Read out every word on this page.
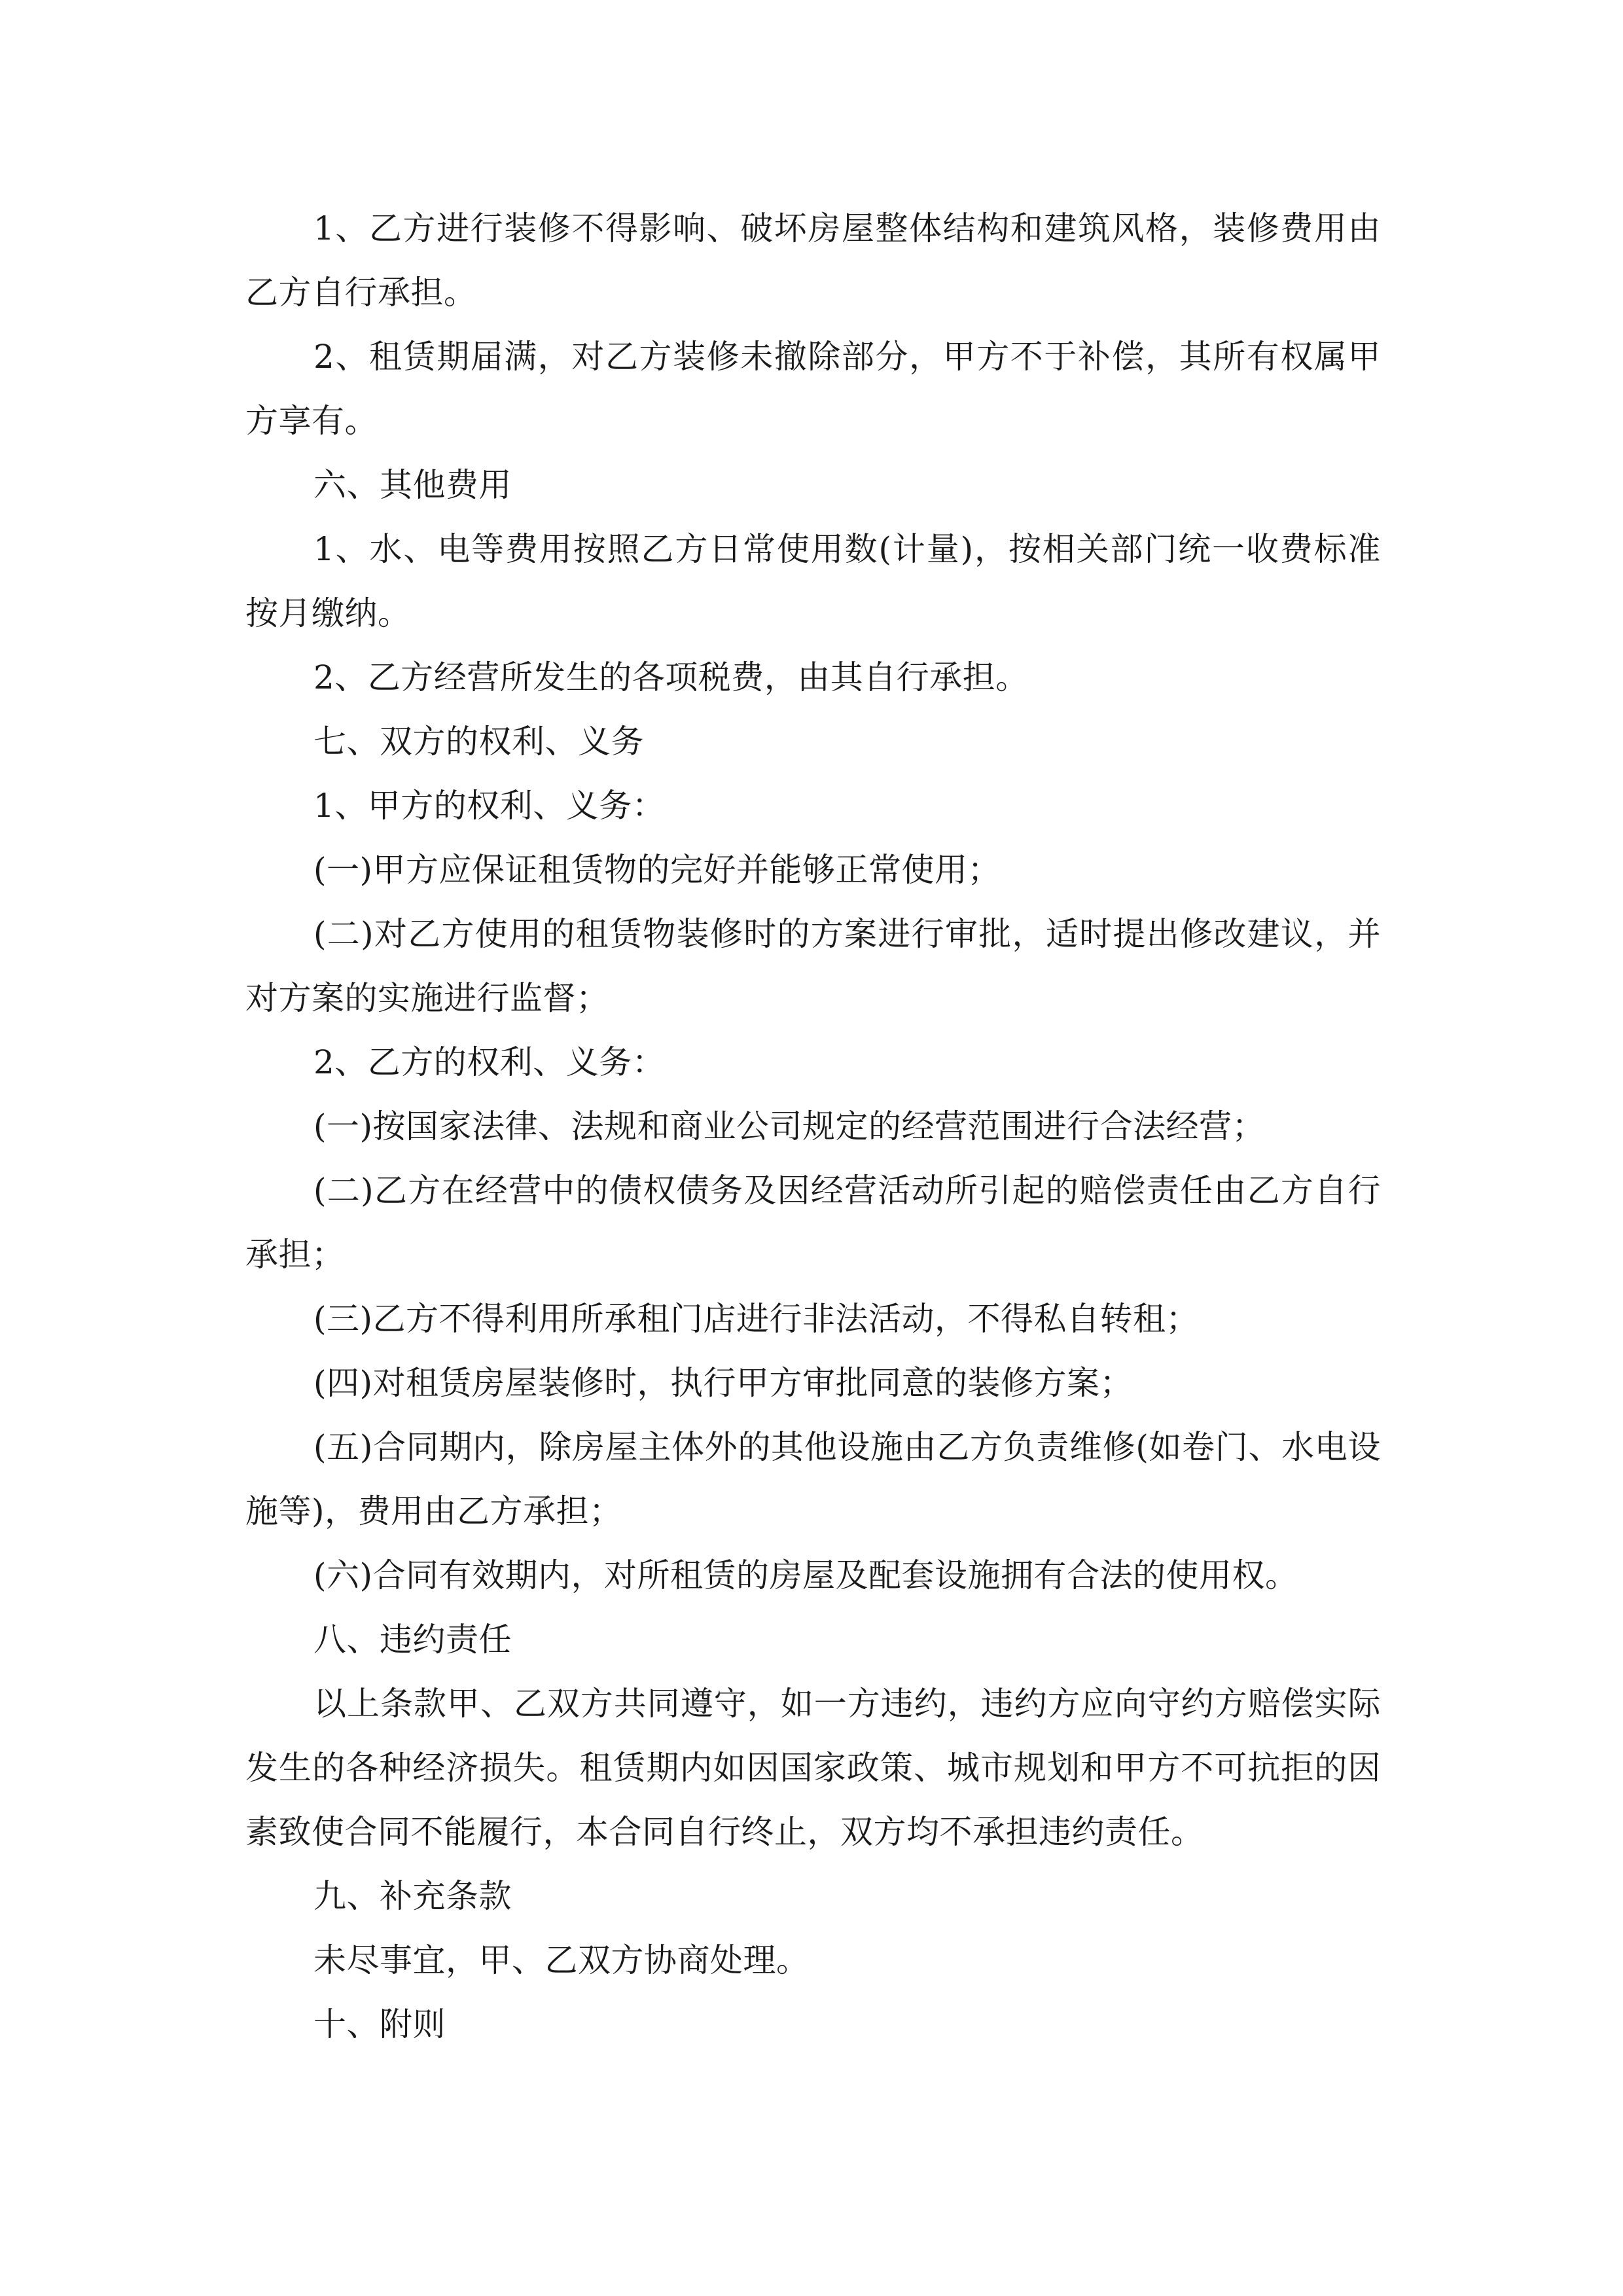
1、乙方进行装修不得影响、破坏房屋整体结构和建筑风格，装修费用由乙方自行承担。

2、租赁期届满，对乙方装修未撤除部分，甲方不于补偿，其所有权属甲方享有。

六、其他费用

1、水、电等费用按照乙方日常使用数(计量)，按相关部门统一收费标准按月缴纳。

2、乙方经营所发生的各项税费，由其自行承担。

七、双方的权利、义务

1、甲方的权利、义务：

(一)甲方应保证租赁物的完好并能够正常使用；

(二)对乙方使用的租赁物装修时的方案进行审批，适时提出修改建议，并对方案的实施进行监督；

2、乙方的权利、义务：

(一)按国家法律、法规和商业公司规定的经营范围进行合法经营；

(二)乙方在经营中的债权债务及因经营活动所引起的赔偿责任由乙方自行承担；

(三)乙方不得利用所承租门店进行非法活动，不得私自转租；

(四)对租赁房屋装修时，执行甲方审批同意的装修方案；

(五)合同期内，除房屋主体外的其他设施由乙方负责维修(如卷门、水电设施等)，费用由乙方承担；

(六)合同有效期内，对所租赁的房屋及配套设施拥有合法的使用权。

八、违约责任

以上条款甲、乙双方共同遵守，如一方违约，违约方应向守约方赔偿实际发生的各种经济损失。租赁期内如因国家政策、城市规划和甲方不可抗拒的因素致使合同不能履行，本合同自行终止，双方均不承担违约责任。

九、补充条款

未尽事宜，甲、乙双方协商处理。

十、附则
